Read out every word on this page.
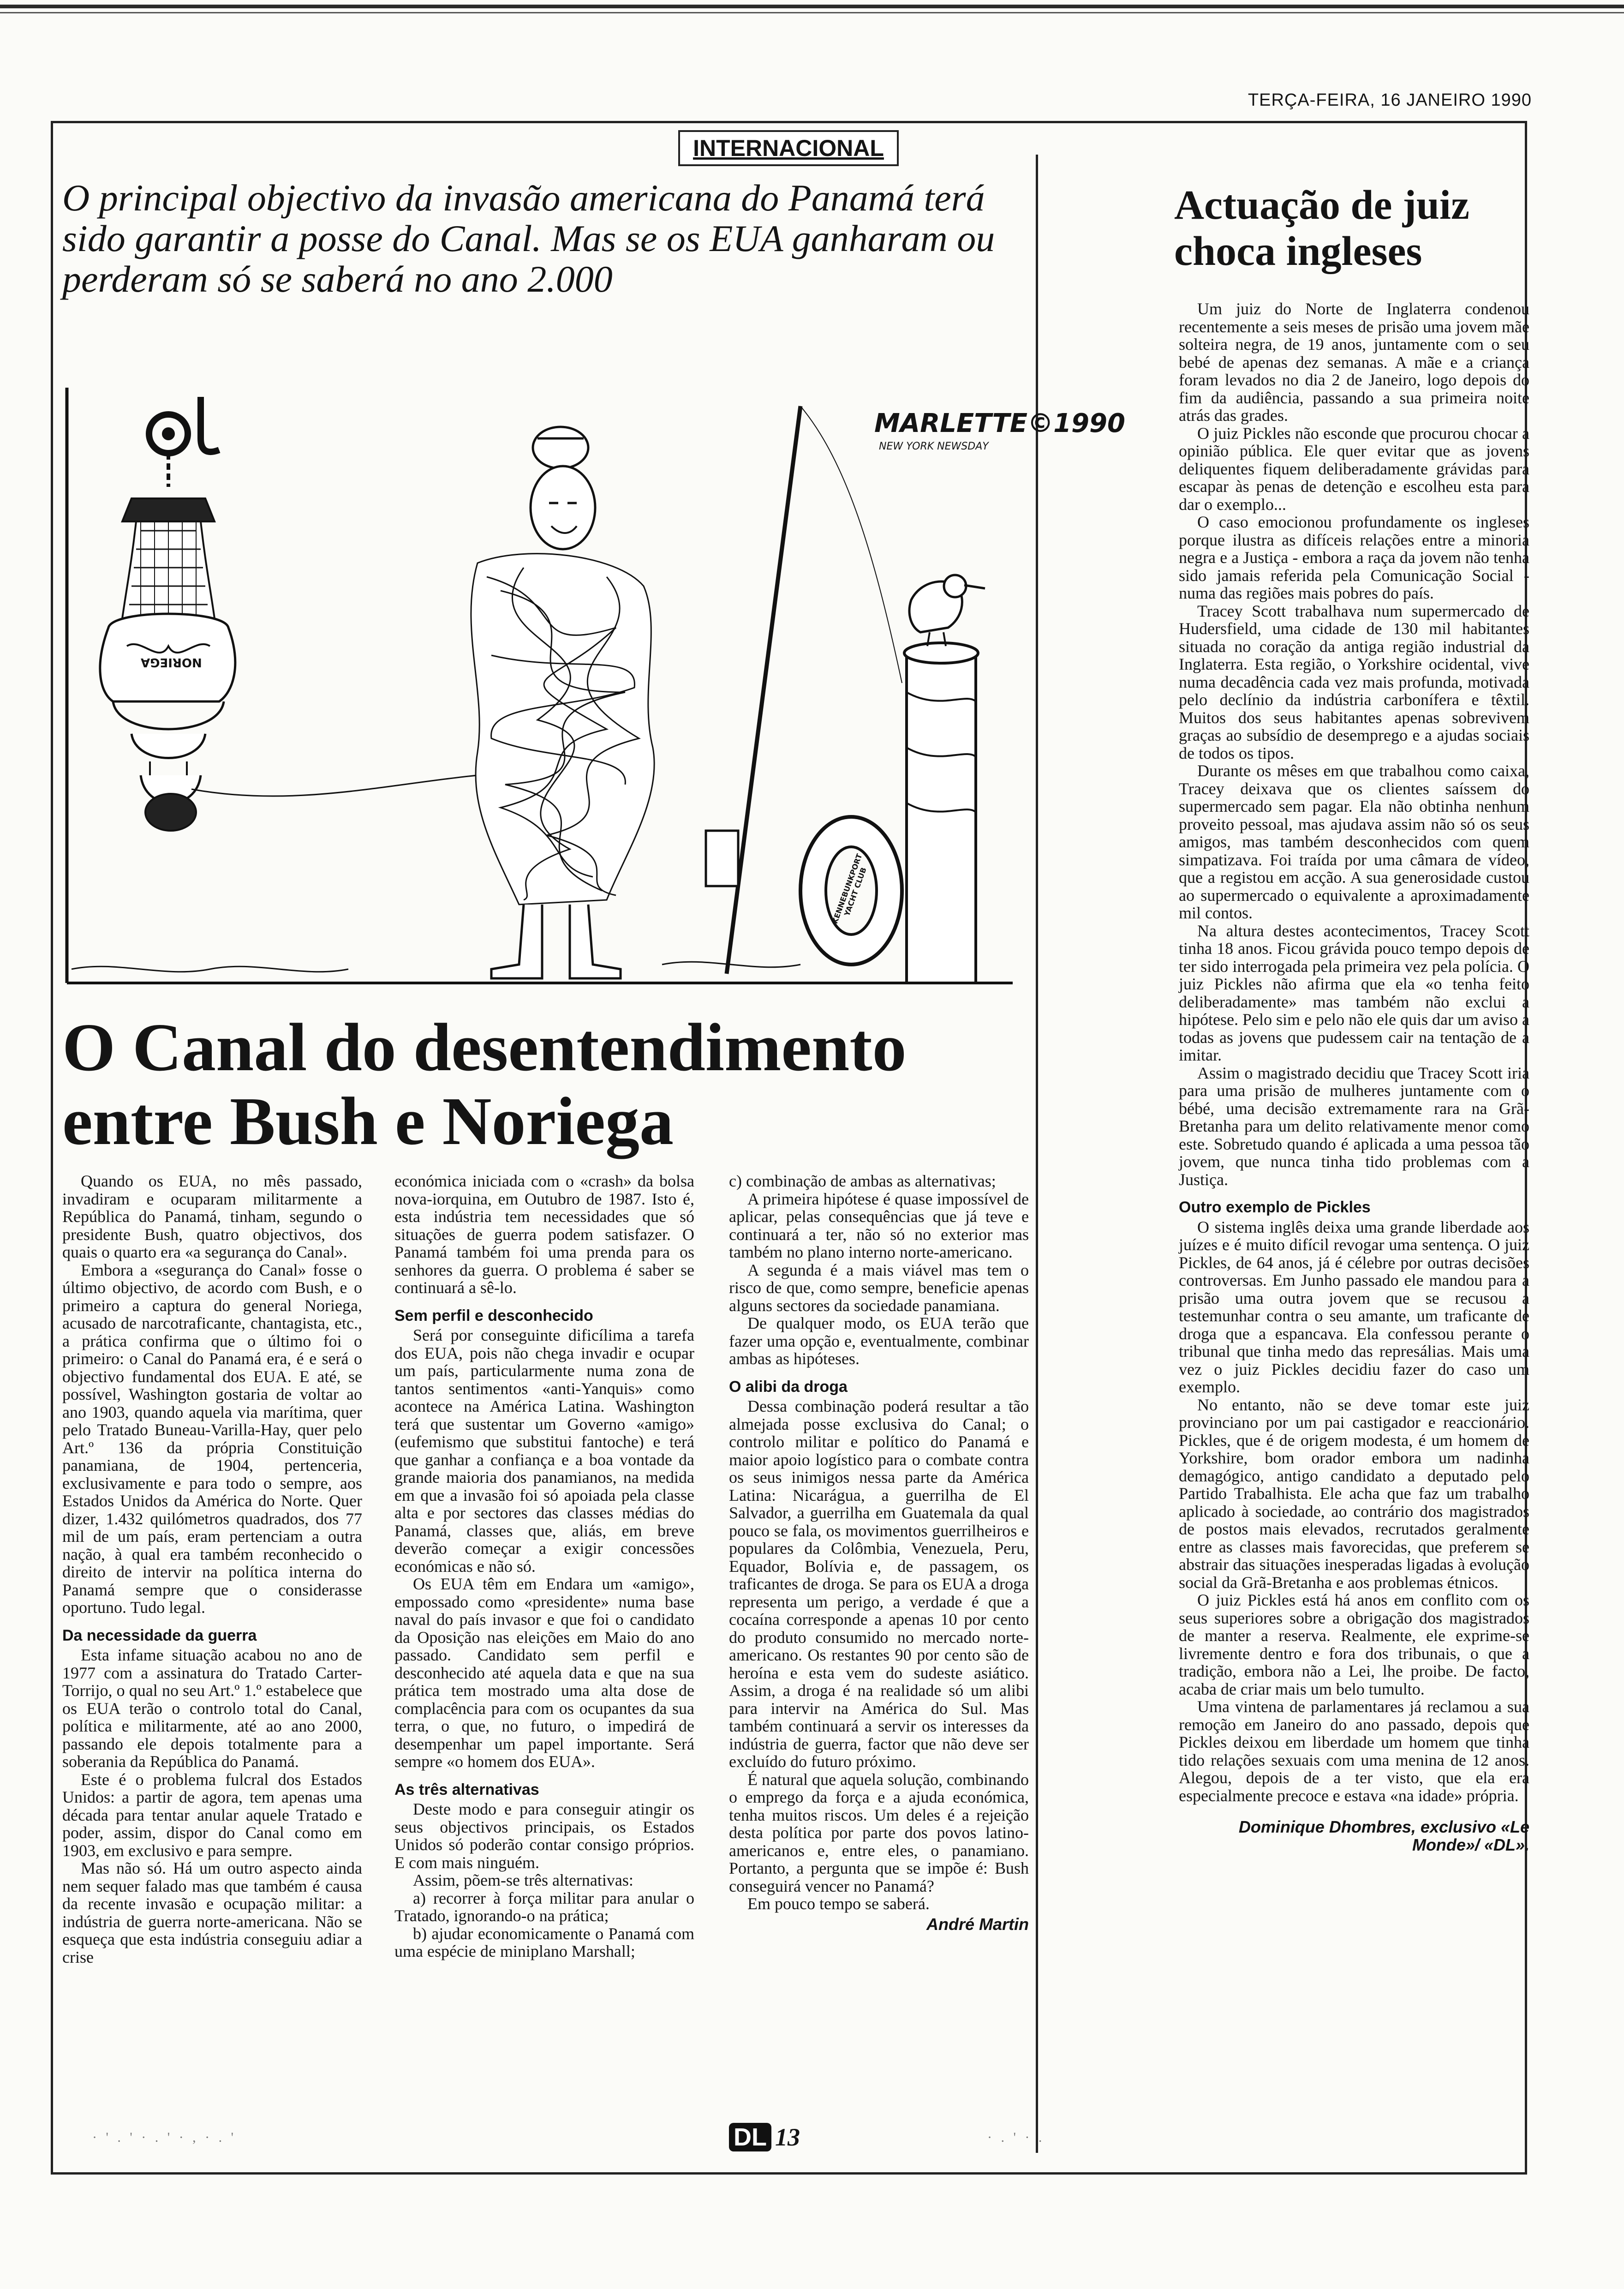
TERÇA-FEIRA, 16 JANEIRO 1990
INTERNACIONAL
O principal objectivo da invasão americana do Panamá terá sido garantir a posse do Canal. Mas se os EUA ganharam ou perderam só se saberá no ano 2.000
MARLETTE©1990
NEW YORK NEWSDAY
NORIEGA
KENNEBUNKPORT YACHT CLUB
O Canal do desentendimento entre Bush e Noriega

Quando os EUA, no mês passado, invadiram e ocuparam militarmente a República do Panamá, tinham, segundo o presidente Bush, quatro objectivos, dos quais o quarto era «a segurança do Canal».

Embora a «segurança do Canal» fosse o último objectivo, de acordo com Bush, e o primeiro a captura do general Noriega, acusado de narcotraficante, chantagista, etc., a prática confirma que o último foi o primeiro: o Canal do Panamá era, é e será o objectivo fundamental dos EUA. E até, se possível, Washington gostaria de voltar ao ano 1903, quando aquela via marítima, quer pelo Tratado Buneau-Varilla-Hay, quer pelo Art.º 136 da própria Constituição panamiana, de 1904, pertenceria, exclusivamente e para todo o sempre, aos Estados Unidos da América do Norte. Quer dizer, 1.432 quilómetros quadrados, dos 77 mil de um país, eram pertenciam a outra nação, à qual era também reconhecido o direito de intervir na política interna do Panamá sempre que o considerasse oportuno. Tudo legal.

Da necessidade da guerra

Esta infame situação acabou no ano de 1977 com a assinatura do Tratado Carter-Torrijo, o qual no seu Art.º 1.º estabelece que os EUA terão o controlo total do Canal, política e militarmente, até ao ano 2000, passando ele depois totalmente para a soberania da República do Panamá.

Este é o problema fulcral dos Estados Unidos: a partir de agora, tem apenas uma década para tentar anular aquele Tratado e poder, assim, dispor do Canal como em 1903, em exclusivo e para sempre.

Mas não só. Há um outro aspecto ainda nem sequer falado mas que também é causa da recente invasão e ocupação militar: a indústria de guerra norte-americana. Não se esqueça que esta indústria conseguiu adiar a crise

económica iniciada com o «crash» da bolsa nova-iorquina, em Outubro de 1987. Isto é, esta indústria tem necessidades que só situações de guerra podem satisfazer. O Panamá também foi uma prenda para os senhores da guerra. O problema é saber se continuará a sê-lo.

Sem perfil e desconhecido

Será por conseguinte dificílima a tarefa dos EUA, pois não chega invadir e ocupar um país, particularmente numa zona de tantos sentimentos «anti-Yanquis» como acontece na América Latina. Washington terá que sustentar um Governo «amigo» (eufemismo que substitui fantoche) e terá que ganhar a confiança e a boa vontade da grande maioria dos panamianos, na medida em que a invasão foi só apoiada pela classe alta e por sectores das classes médias do Panamá, classes que, aliás, em breve deverão começar a exigir concessões económicas e não só.

Os EUA têm em Endara um «amigo», empossado como «presidente» numa base naval do país invasor e que foi o candidato da Oposição nas eleições em Maio do ano passado. Candidato sem perfil e desconhecido até aquela data e que na sua prática tem mostrado uma alta dose de complacência para com os ocupantes da sua terra, o que, no futuro, o impedirá de desempenhar um papel importante. Será sempre «o homem dos EUA».

As três alternativas

Deste modo e para conseguir atingir os seus objectivos principais, os Estados Unidos só poderão contar consigo próprios. E com mais ninguém.

Assim, põem-se três alternativas:

a) recorrer à força militar para anular o Tratado, ignorando-o na prática;

b) ajudar economicamente o Panamá com uma espécie de miniplano Marshall;

c) combinação de ambas as alternativas;

A primeira hipótese é quase impossível de aplicar, pelas consequências que já teve e continuará a ter, não só no exterior mas também no plano interno norte-americano.

A segunda é a mais viável mas tem o risco de que, como sempre, beneficie apenas alguns sectores da sociedade panamiana.

De qualquer modo, os EUA terão que fazer uma opção e, eventualmente, combinar ambas as hipóteses.

O alibi da droga

Dessa combinação poderá resultar a tão almejada posse exclusiva do Canal; o controlo militar e político do Panamá e maior apoio logístico para o combate contra os seus inimigos nessa parte da América Latina: Nicarágua, a guerrilha de El Salvador, a guerrilha em Guatemala da qual pouco se fala, os movimentos guerrilheiros e populares da Colômbia, Venezuela, Peru, Equador, Bolívia e, de passagem, os traficantes de droga. Se para os EUA a droga representa um perigo, a verdade é que a cocaína corresponde a apenas 10 por cento do produto consumido no mercado norte-americano. Os restantes 90 por cento são de heroína e esta vem do sudeste asiático. Assim, a droga é na realidade só um alibi para intervir na América do Sul. Mas também continuará a servir os interesses da indústria de guerra, factor que não deve ser excluído do futuro próximo.

É natural que aquela solução, combinando o emprego da força e a ajuda económica, tenha muitos riscos. Um deles é a rejeição desta política por parte dos povos latino-americanos e, entre eles, o panamiano. Portanto, a pergunta que se impõe é: Bush conseguirá vencer no Panamá?

Em pouco tempo se saberá.

André Martin
Actuação de juiz choca ingleses

Um juiz do Norte de Inglaterra condenou recentemente a seis meses de prisão uma jovem mãe solteira negra, de 19 anos, juntamente com o seu bebé de apenas dez semanas. A mãe e a criança foram levados no dia 2 de Janeiro, logo depois do fim da audiência, passando a sua primeira noite atrás das grades.

O juiz Pickles não esconde que procurou chocar a opinião pública. Ele quer evitar que as jovens deliquentes fiquem deliberadamente grávidas para escapar às penas de detenção e escolheu esta para dar o exemplo...

O caso emocionou profundamente os ingleses porque ilustra as difíceis relações entre a minoria negra e a Justiça - embora a raça da jovem não tenha sido jamais referida pela Comunicação Social - numa das regiões mais pobres do país.

Tracey Scott trabalhava num supermercado de Hudersfield, uma cidade de 130 mil habitantes situada no coração da antiga região industrial da Inglaterra. Esta região, o Yorkshire ocidental, vive numa decadência cada vez mais profunda, motivada pelo declínio da indústria carbonífera e têxtil. Muitos dos seus habitantes apenas sobrevivem graças ao subsídio de desemprego e a ajudas sociais de todos os tipos.

Durante os mêses em que trabalhou como caixa, Tracey deixava que os clientes saíssem do supermercado sem pagar. Ela não obtinha nenhum proveito pessoal, mas ajudava assim não só os seus amigos, mas também desconhecidos com quem simpatizava. Foi traída por uma câmara de vídeo, que a registou em acção. A sua generosidade custou ao supermercado o equivalente a aproximadamente mil contos.

Na altura destes acontecimentos, Tracey Scott tinha 18 anos. Ficou grávida pouco tempo depois de ter sido interrogada pela primeira vez pela polícia. O juiz Pickles não afirma que ela «o tenha feito deliberadamente» mas também não exclui a hipótese. Pelo sim e pelo não ele quis dar um aviso a todas as jovens que pudessem cair na tentação de a imitar.

Assim o magistrado decidiu que Tracey Scott iria para uma prisão de mulheres juntamente com o bébé, uma decisão extremamente rara na Grã-Bretanha para um delito relativamente menor como este. Sobretudo quando é aplicada a uma pessoa tão jovem, que nunca tinha tido problemas com a Justiça.

Outro exemplo de Pickles

O sistema inglês deixa uma grande liberdade aos juízes e é muito difícil revogar uma sentença. O juiz Pickles, de 64 anos, já é célebre por outras decisões controversas. Em Junho passado ele mandou para a prisão uma outra jovem que se recusou a testemunhar contra o seu amante, um traficante de droga que a espancava. Ela confessou perante o tribunal que tinha medo das represálias. Mais uma vez o juiz Pickles decidiu fazer do caso um exemplo.

No entanto, não se deve tomar este juiz provinciano por um pai castigador e reaccionário. Pickles, que é de origem modesta, é um homem de Yorkshire, bom orador embora um nadinha demagógico, antigo candidato a deputado pelo Partido Trabalhista. Ele acha que faz um trabalho aplicado à sociedade, ao contrário dos magistrados de postos mais elevados, recrutados geralmente entre as classes mais favorecidas, que preferem se abstrair das situações inesperadas ligadas à evolução social da Grã-Bretanha e aos problemas étnicos.

O juiz Pickles está há anos em conflito com os seus superiores sobre a obrigação dos magistrados de manter a reserva. Realmente, ele exprime-se livremente dentro e fora dos tribunais, o que a tradição, embora não a Lei, lhe proibe. De facto, acaba de criar mais um belo tumulto.

Uma vintena de parlamentares já reclamou a sua remoção em Janeiro do ano passado, depois que Pickles deixou em liberdade um homem que tinha tido relações sexuais com uma menina de 12 anos. Alegou, depois de a ter visto, que ela era especialmente precoce e estava «na idade» própria.

Dominique Dhombres, exclusivo «Le Monde»/ «DL».
DL 13
· ' . ' · . ' · , · . '	· . ' · .
